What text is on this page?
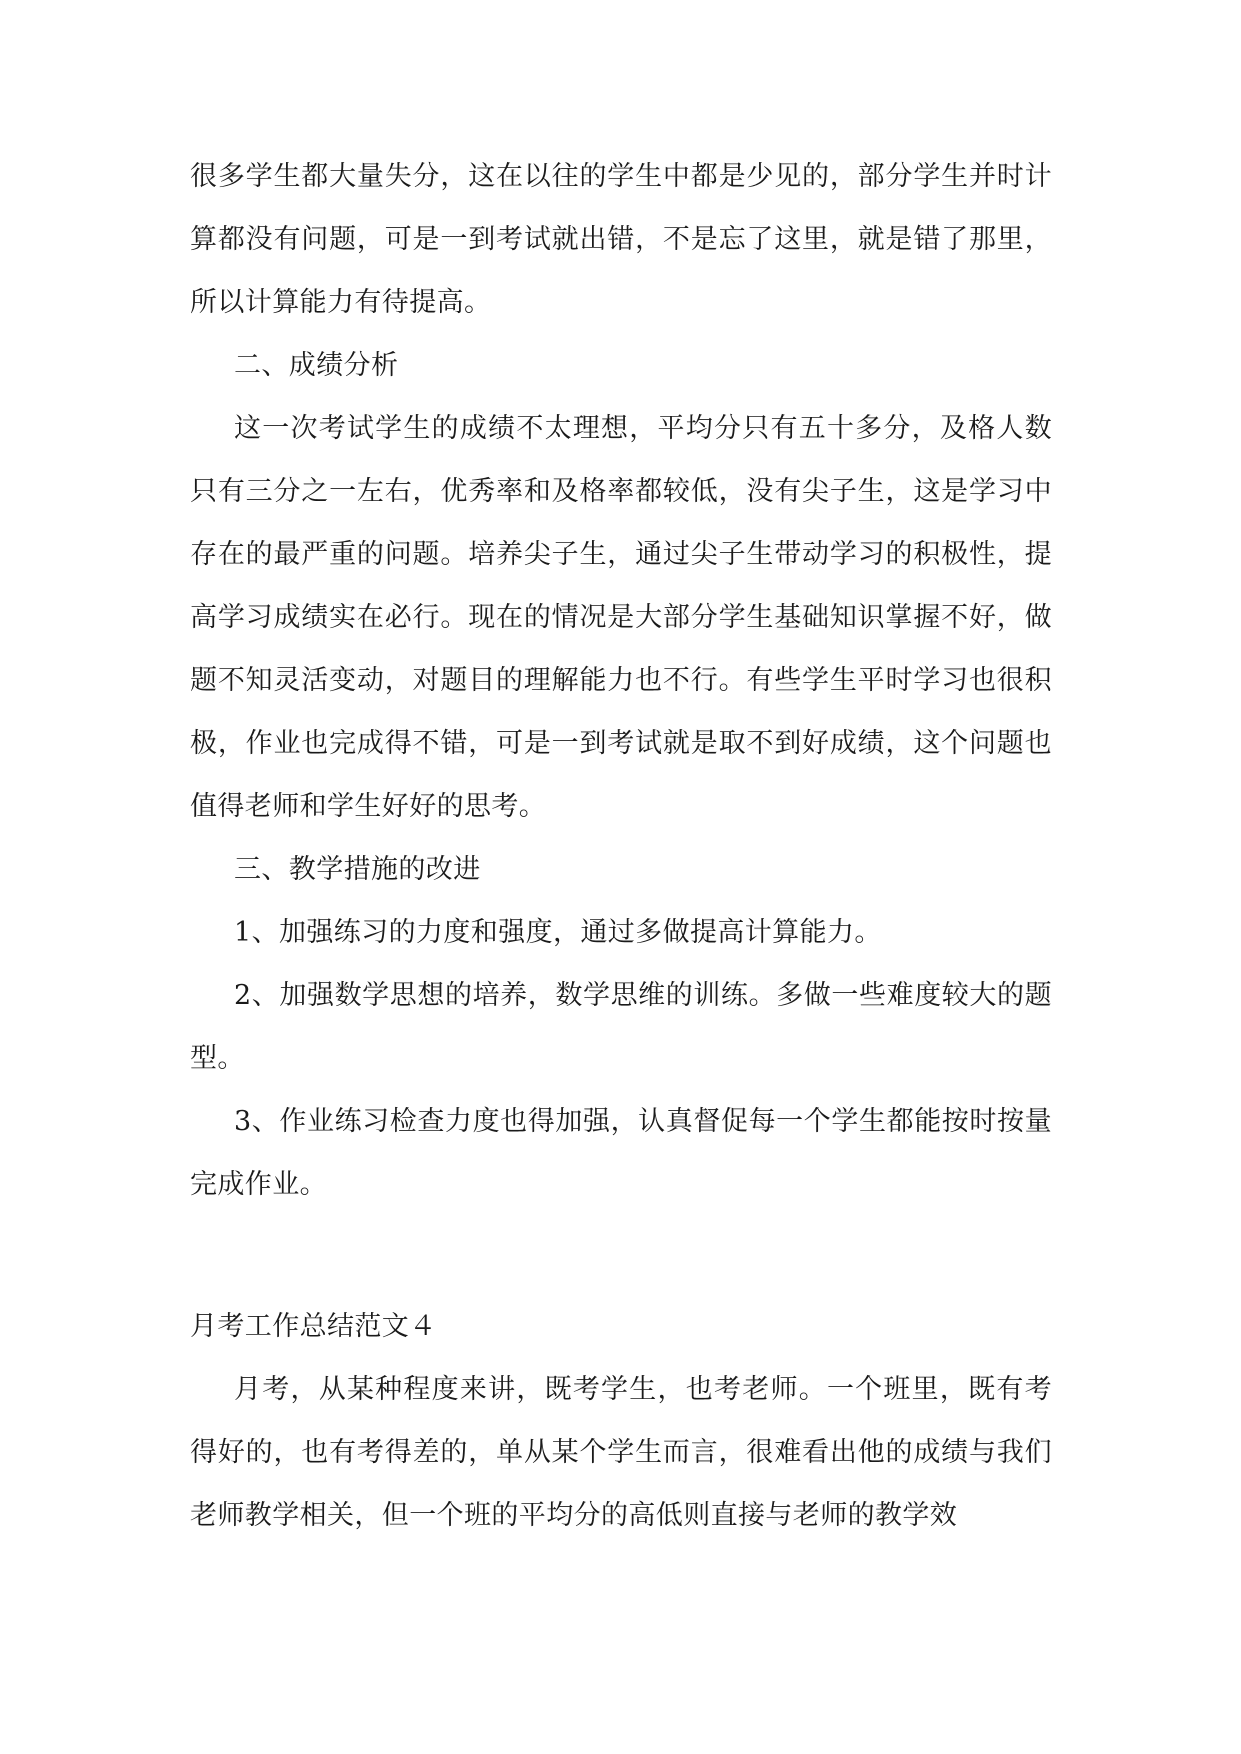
很多学生都大量失分，这在以往的学生中都是少见的，部分学生并时计算都没有问题，可是一到考试就出错，不是忘了这里，就是错了那里，所以计算能力有待提高。

二、成绩分析

这一次考试学生的成绩不太理想，平均分只有五十多分，及格人数只有三分之一左右，优秀率和及格率都较低，没有尖子生，这是学习中存在的最严重的问题。培养尖子生，通过尖子生带动学习的积极性，提高学习成绩实在必行。现在的情况是大部分学生基础知识掌握不好，做题不知灵活变动，对题目的理解能力也不行。有些学生平时学习也很积极，作业也完成得不错，可是一到考试就是取不到好成绩，这个问题也值得老师和学生好好的思考。

三、教学措施的改进

1、加强练习的力度和强度，通过多做提高计算能力。

2、加强数学思想的培养，数学思维的训练。多做一些难度较大的题型。

3、作业练习检查力度也得加强，认真督促每一个学生都能按时按量完成作业。

月考工作总结范文４

月考，从某种程度来讲，既考学生，也考老师。一个班里，既有考得好的，也有考得差的，单从某个学生而言，很难看出他的成绩与我们老师教学相关，但一个班的平均分的高低则直接与老师的教学效
